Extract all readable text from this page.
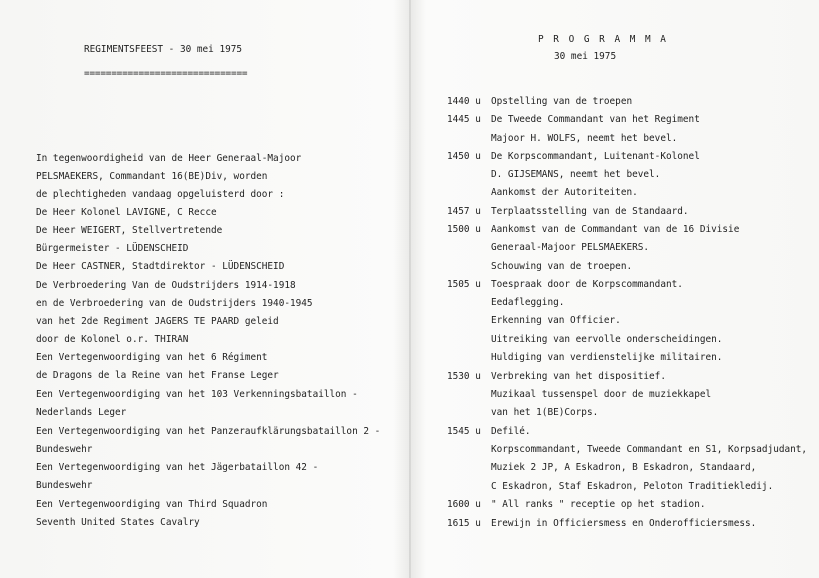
REGIMENTSFEEST - 30 mei 1975
==============================
In tegenwoordigheid van de Heer Generaal-Majoor
PELSMAEKERS, Commandant 16(BE)Div, worden
de plechtigheden vandaag opgeluisterd door :
De Heer Kolonel LAVIGNE, C Recce
De Heer WEIGERT, Stellvertretende
Bürgermeister - LÜDENSCHEID
De Heer CASTNER, Stadtdirektor - LÜDENSCHEID
De Verbroedering Van de Oudstrijders 1914-1918
en de Verbroedering van de Oudstrijders 1940-1945
van het 2de Regiment JAGERS TE PAARD geleid
door de Kolonel o.r. THIRAN
Een Vertegenwoordiging van het 6 Régiment
de Dragons de la Reine van het Franse Leger
Een Vertegenwoordiging van het 103 Verkenningsbataillon -
Nederlands Leger
Een Vertegenwoordiging van het Panzeraufklärungsbataillon 2 -
Bundeswehr
Een Vertegenwoordiging van het Jägerbataillon 42 -
Bundeswehr
Een Vertegenwoordiging van Third Squadron
Seventh United States Cavalry
P R O G R A M M A
30 mei 1975
1440 u Opstelling van de troepen
1445 u De Tweede Commandant van het Regiment
Majoor H. WOLFS, neemt het bevel.
1450 u De Korpscommandant, Luitenant-Kolonel
D. GIJSEMANS, neemt het bevel.
Aankomst der Autoriteiten.
1457 u Terplaatsstelling van de Standaard.
1500 u Aankomst van de Commandant van de 16 Divisie
Generaal-Majoor PELSMAEKERS.
Schouwing van de troepen.
1505 u Toespraak door de Korpscommandant.
Eedaflegging.
Erkenning van Officier.
Uitreiking van eervolle onderscheidingen.
Huldiging van verdienstelijke militairen.
1530 u Verbreking van het dispositief.
Muzikaal tussenspel door de muziekkapel
van het 1(BE)Corps.
1545 u Defilé.
Korpscommandant, Tweede Commandant en S1, Korpsadjudant,
Muziek 2 JP, A Eskadron, B Eskadron, Standaard,
C Eskadron, Staf Eskadron, Peloton Traditiekledij.
1600 u " All ranks " receptie op het stadion.
1615 u Erewijn in Officiersmess en Onderofficiersmess.
